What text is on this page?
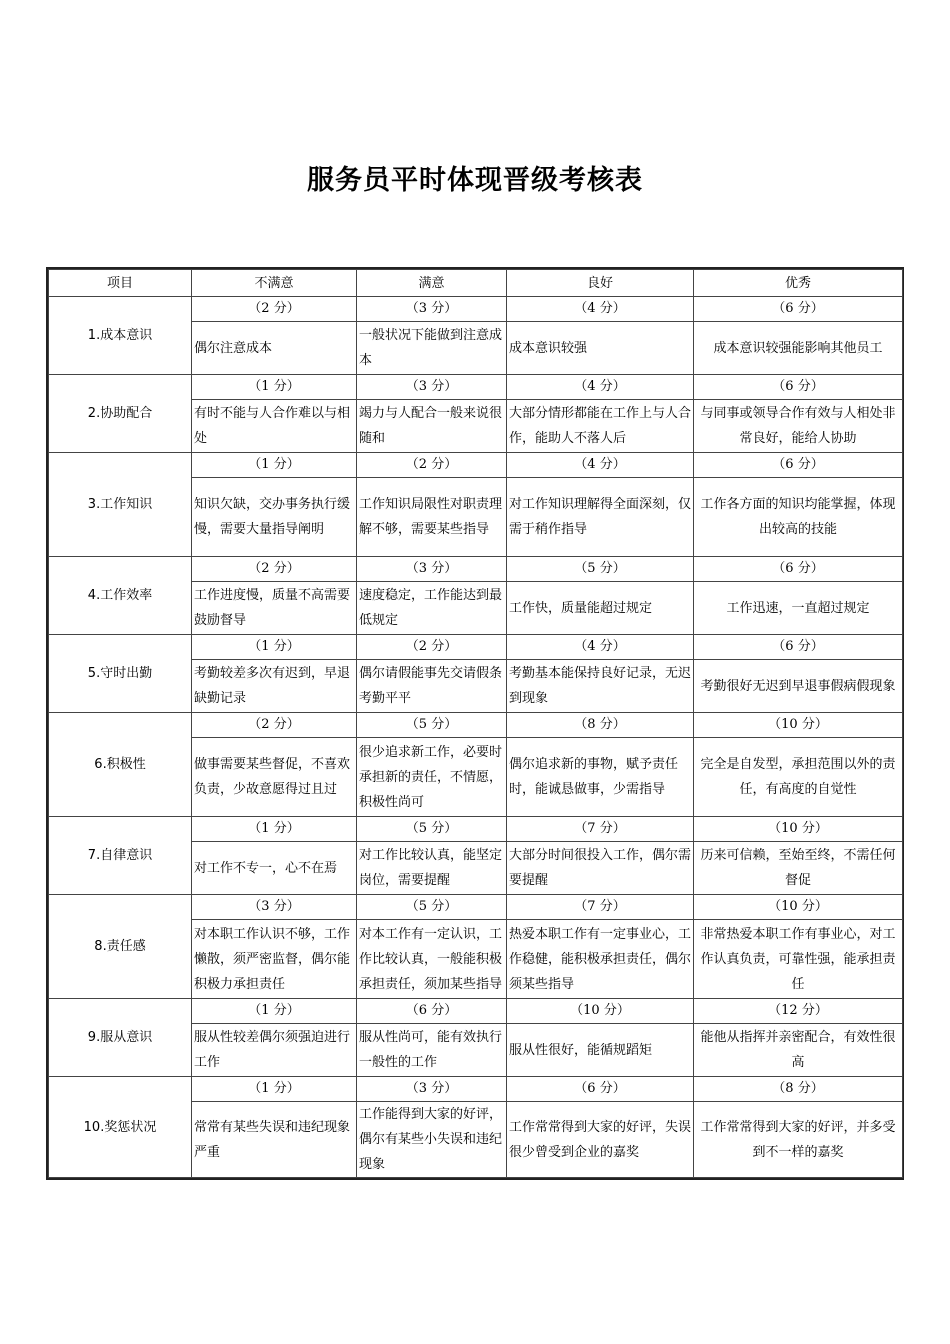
服务员平时体现晋级考核表
项目	不满意	满意	良好	优秀
1.成本意识	（2 分）	（3 分）	（4 分）	（6 分）
	偶尔注意成本	一般状况下能做到注意成本	成本意识较强	成本意识较强能影响其他员工
2.协助配合	（1 分）	（3 分）	（4 分）	（6 分）
	有时不能与人合作难以与相处	竭力与人配合一般来说很随和	大部分情形都能在工作上与人合作，能助人不落人后	与同事或领导合作有效与人相处非常良好，能给人协助
3.工作知识	（1 分）	（2 分）	（4 分）	（6 分）
	知识欠缺，交办事务执行缓慢，需要大量指导阐明	工作知识局限性对职责理解不够，需要某些指导	对工作知识理解得全面深刻，仅需于稍作指导	工作各方面的知识均能掌握，体现出较高的技能
4.工作效率	（2 分）	（3 分）	（5 分）	（6 分）
	工作进度慢，质量不高需要鼓励督导	速度稳定，工作能达到最低规定	工作快，质量能超过规定	工作迅速，一直超过规定
5.守时出勤	（1 分）	（2 分）	（4 分）	（6 分）
	考勤较差多次有迟到，早退缺勤记录	偶尔请假能事先交请假条考勤平平	考勤基本能保持良好记录，无迟到现象	考勤很好无迟到早退事假病假现象
6.积极性	（2 分）	（5 分）	（8 分）	（10 分）
	做事需要某些督促，不喜欢负责，少故意愿得过且过	很少追求新工作，必要时承担新的责任，不情愿，积极性尚可	偶尔追求新的事物，赋予责任时，能诚恳做事，少需指导	完全是自发型，承担范围以外的责任，有高度的自觉性
7.自律意识	（1 分）	（5 分）	（7 分）	（10 分）
	对工作不专一，心不在焉	对工作比较认真，能坚定岗位，需要提醒	大部分时间很投入工作，偶尔需要提醒	历来可信赖，至始至终，不需任何督促
8.责任感	（3 分）	（5 分）	（7 分）	（10 分）
	对本职工作认识不够，工作懒散，须严密监督，偶尔能积极力承担责任	对本工作有一定认识，工作比较认真，一般能积极承担责任，须加某些指导	热爱本职工作有一定事业心，工作稳健，能积极承担责任，偶尔须某些指导	非常热爱本职工作有事业心，对工作认真负责，可靠性强，能承担责任
9.服从意识	（1 分）	（6 分）	（10 分）	（12 分）
	服从性较差偶尔须强迫进行工作	服从性尚可，能有效执行一般性的工作	服从性很好，能循规蹈矩	能他从指挥并亲密配合，有效性很高
10.奖惩状况	（1 分）	（3 分）	（6 分）	（8 分）
	常常有某些失误和违纪现象严重	工作能得到大家的好评，偶尔有某些小失误和违纪现象	工作常常得到大家的好评，失误很少曾受到企业的嘉奖	工作常常得到大家的好评，并多受到不一样的嘉奖
